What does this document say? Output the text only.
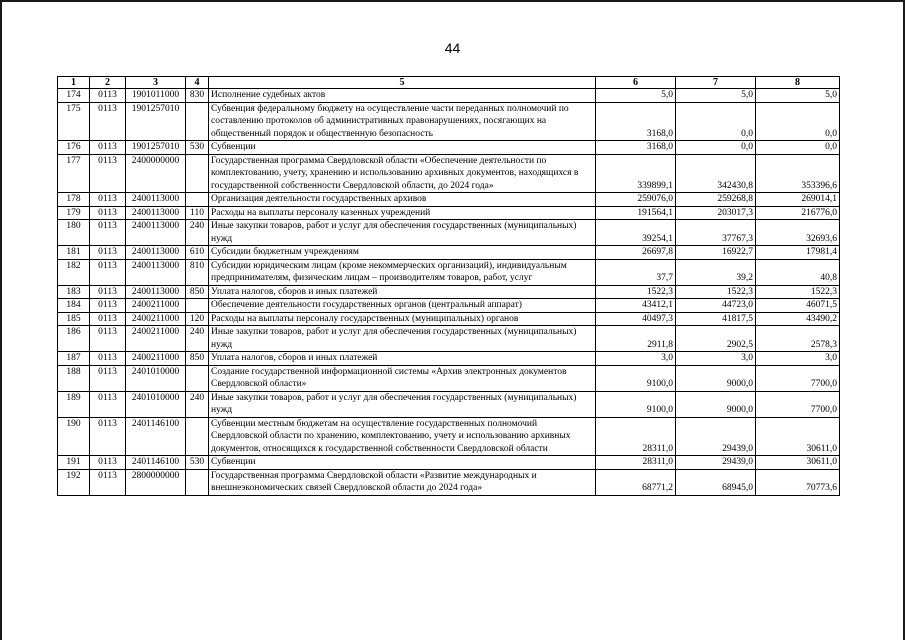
44
1	2	3	4	5	6	7	8
174	0113	1901011000	830	Исполнение судебных актов	5,0	5,0	5,0
175	0113	1901257010		Субвенция федеральному бюджету на осуществление части переданных полномочий по составлению протоколов об административных правонарушениях, посягающих на общественный порядок и общественную безопасность	3168,0	0,0	0,0
176	0113	1901257010	530	Субвенции	3168,0	0,0	0,0
177	0113	2400000000		Государственная программа Свердловской области «Обеспечение деятельности по комплектованию, учету, хранению и использованию архивных документов, находящихся в государственной собственности Свердловской области, до 2024 года»	339899,1	342430,8	353396,6
178	0113	2400113000		Организация деятельности государственных архивов	259076,0	259268,8	269014,1
179	0113	2400113000	110	Расходы на выплаты персоналу казенных учреждений	191564,1	203017,3	216776,0
180	0113	2400113000	240	Иные закупки товаров, работ и услуг для обеспечения государственных (муниципальных) нужд	39254,1	37767,3	32693,6
181	0113	2400113000	610	Субсидии бюджетным учреждениям	26697,8	16922,7	17981,4
182	0113	2400113000	810	Субсидии юридическим лицам (кроме некоммерческих организаций), индивидуальным предпринимателям, физическим лицам – производителям товаров, работ, услуг	37,7	39,2	40,8
183	0113	2400113000	850	Уплата налогов, сборов и иных платежей	1522,3	1522,3	1522,3
184	0113	2400211000		Обеспечение деятельности государственных органов (центральный аппарат)	43412,1	44723,0	46071,5
185	0113	2400211000	120	Расходы на выплаты персоналу государственных (муниципальных) органов	40497,3	41817,5	43490,2
186	0113	2400211000	240	Иные закупки товаров, работ и услуг для обеспечения государственных (муниципальных) нужд	2911,8	2902,5	2578,3
187	0113	2400211000	850	Уплата налогов, сборов и иных платежей	3,0	3,0	3,0
188	0113	2401010000		Создание государственной информационной системы «Архив электронных документов Свердловской области»	9100,0	9000,0	7700,0
189	0113	2401010000	240	Иные закупки товаров, работ и услуг для обеспечения государственных (муниципальных) нужд	9100,0	9000,0	7700,0
190	0113	2401146100		Субвенции местным бюджетам на осуществление государственных полномочий Свердловской области по хранению, комплектованию, учету и использованию архивных документов, относящихся к государственной собственности Свердловской области	28311,0	29439,0	30611,0
191	0113	2401146100	530	Субвенции	28311,0	29439,0	30611,0
192	0113	2800000000		Государственная программа Свердловской области «Развитие международных и внешнеэкономических связей Свердловской области до 2024 года»	68771,2	68945,0	70773,6
